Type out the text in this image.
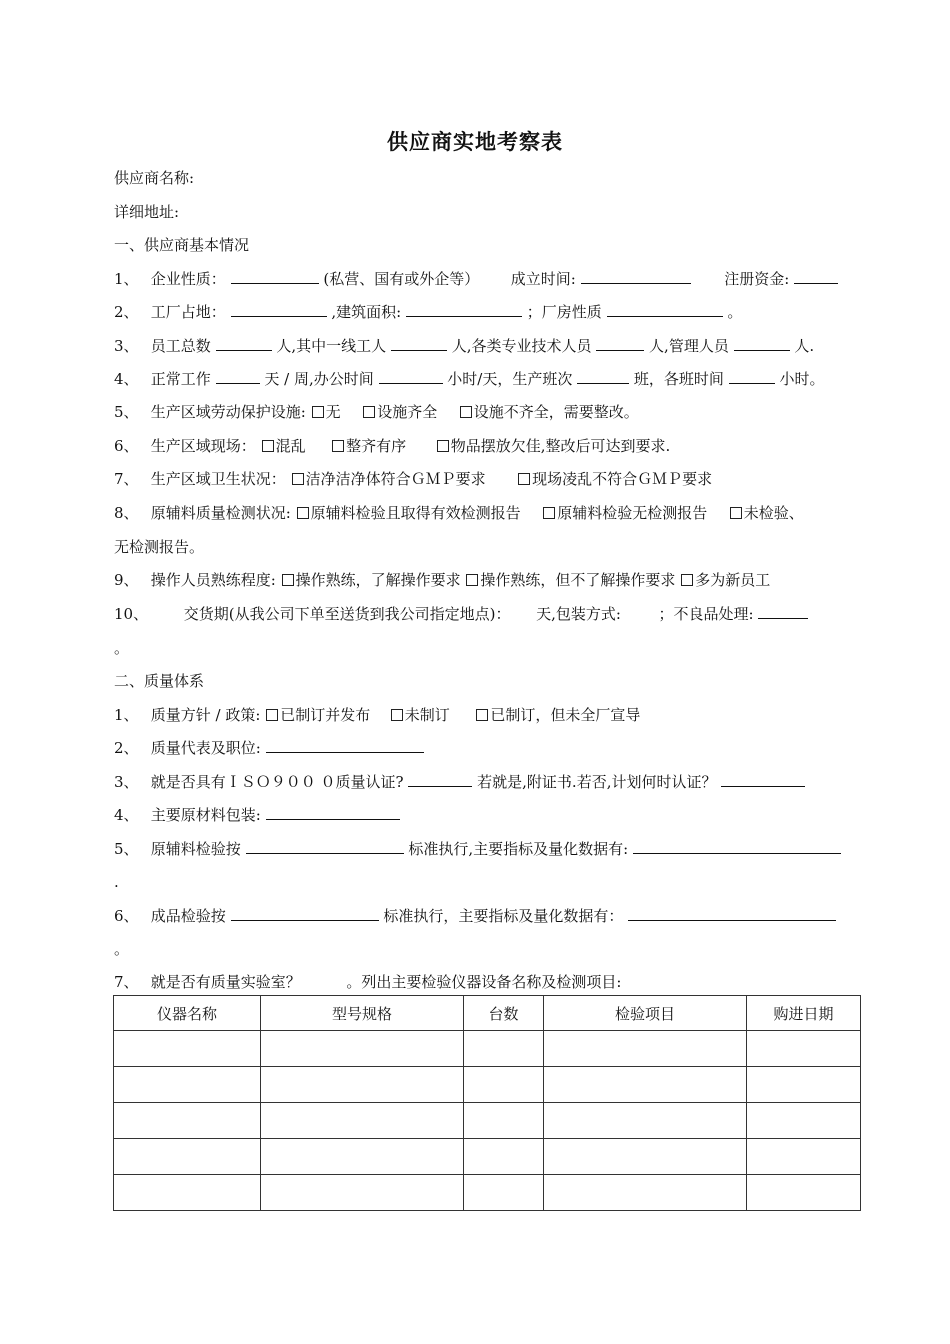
供应商实地考察表
供应商名称:
详细地址:
一、供应商基本情况
1、 企业性质：	(私营、国有或外企等） 成立时间:	注册资金:
2、 工厂占地：	,建筑面积:	；厂房性质	。
3、 员工总数	人,其中一线工人	人,各类专业技术人员	人,管理人员	人.
4、 正常工作	天 / 周,办公时间	小时/天，生产班次	班，各班时间	小时。
5、 生产区域劳动保护设施: 无 设施齐全 设施不齐全，需要整改。
6、 生产区域现场： 混乱	整齐有序	物品摆放欠佳,整改后可达到要求.
7、 生产区域卫生状况： 洁净洁净体符合ＧＭＰ要求	现场凌乱不符合ＧＭＰ要求
8、 原辅料质量检测状况: 原辅料检验且取得有效检测报告 原辅料检验无检测报告 未检验、
无检测报告。
9、 操作人员熟练程度: 操作熟练，了解操作要求 操作熟练，但不了解操作要求 多为新员工
10、 交货期(从我公司下单至送货到我公司指定地点)： 天,包装方式:	；不良品处理:
。
二、质量体系
1、 质量方针 / 政策: 已制订并发布 未制订	已制订，但未全厂宣导
2、 质量代表及职位:
3、 就是否具有ＩＳＯ９００ ０质量认证?	若就是,附证书.若否,计划何时认证？
4、 主要原材料包装:
5、 原辅料检验按	标准执行,主要指标及量化数据有:
.
6、 成品检验按	标准执行，主要指标及量化数据有：
。
7、 就是否有质量实验室？	。列出主要检验仪器设备名称及检测项目:
仪器名称	型号规格	台数	检验项目	购进日期
